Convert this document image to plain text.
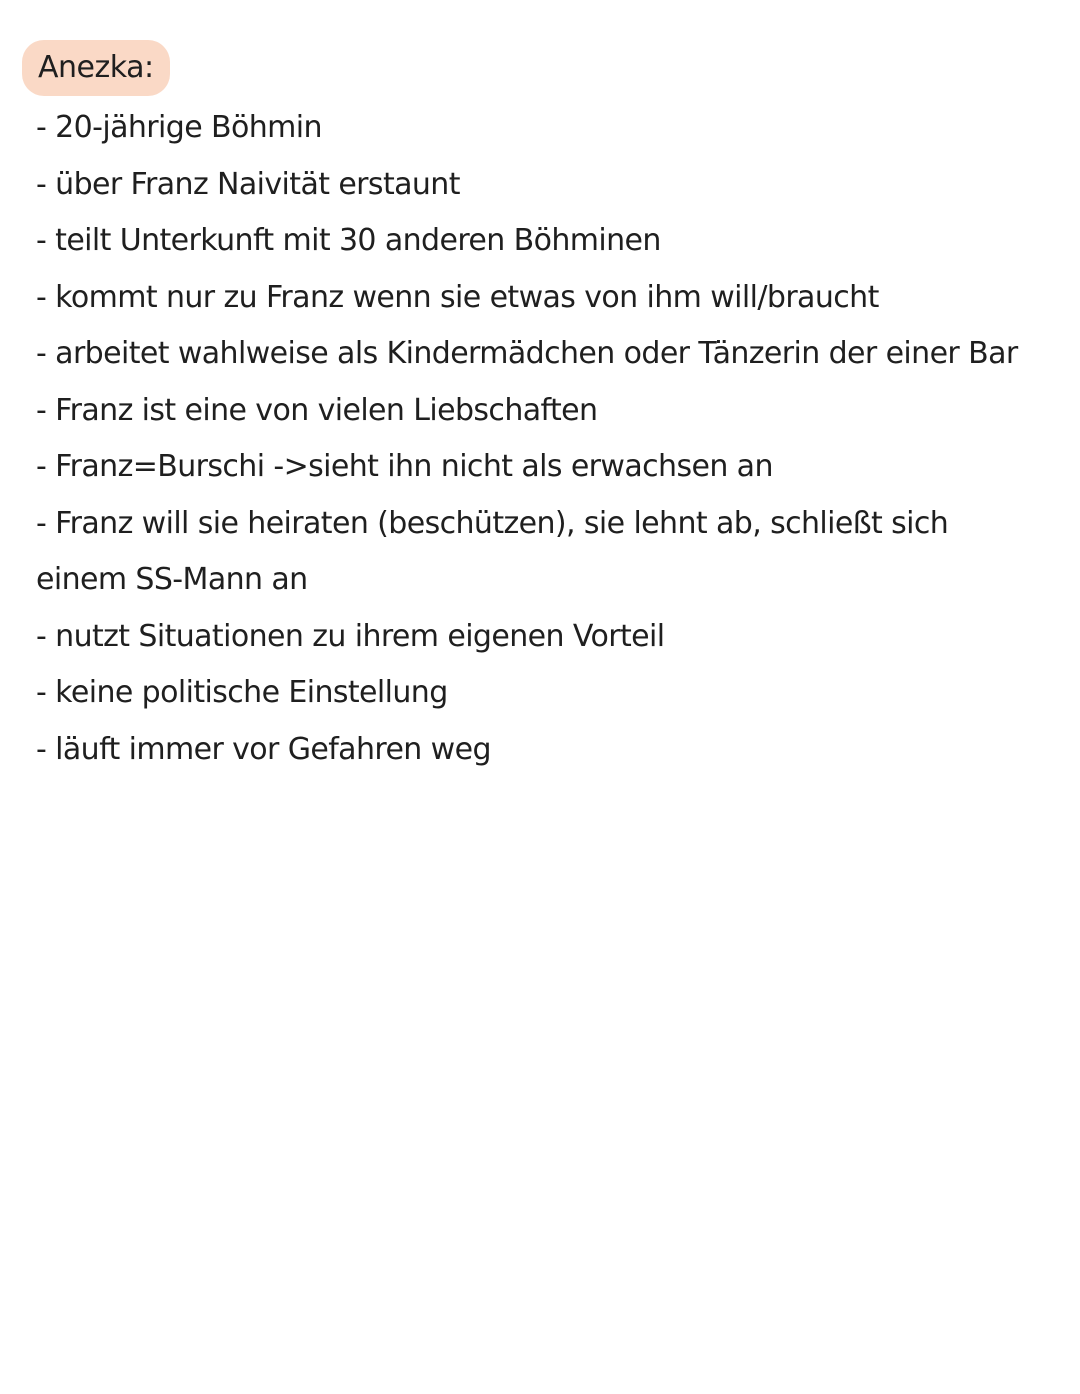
Anezka:
- 20-jährige Böhmin
- über Franz Naivität erstaunt
- teilt Unterkunft mit 30 anderen Böhminen
- kommt nur zu Franz wenn sie etwas von ihm will/braucht
- arbeitet wahlweise als Kindermädchen oder Tänzerin der einer Bar
- Franz ist eine von vielen Liebschaften
- Franz=Burschi ->sieht ihn nicht als erwachsen an
- Franz will sie heiraten (beschützen), sie lehnt ab, schließt sich einem SS-Mann an
- nutzt Situationen zu ihrem eigenen Vorteil
- keine politische Einstellung
- läuft immer vor Gefahren weg
